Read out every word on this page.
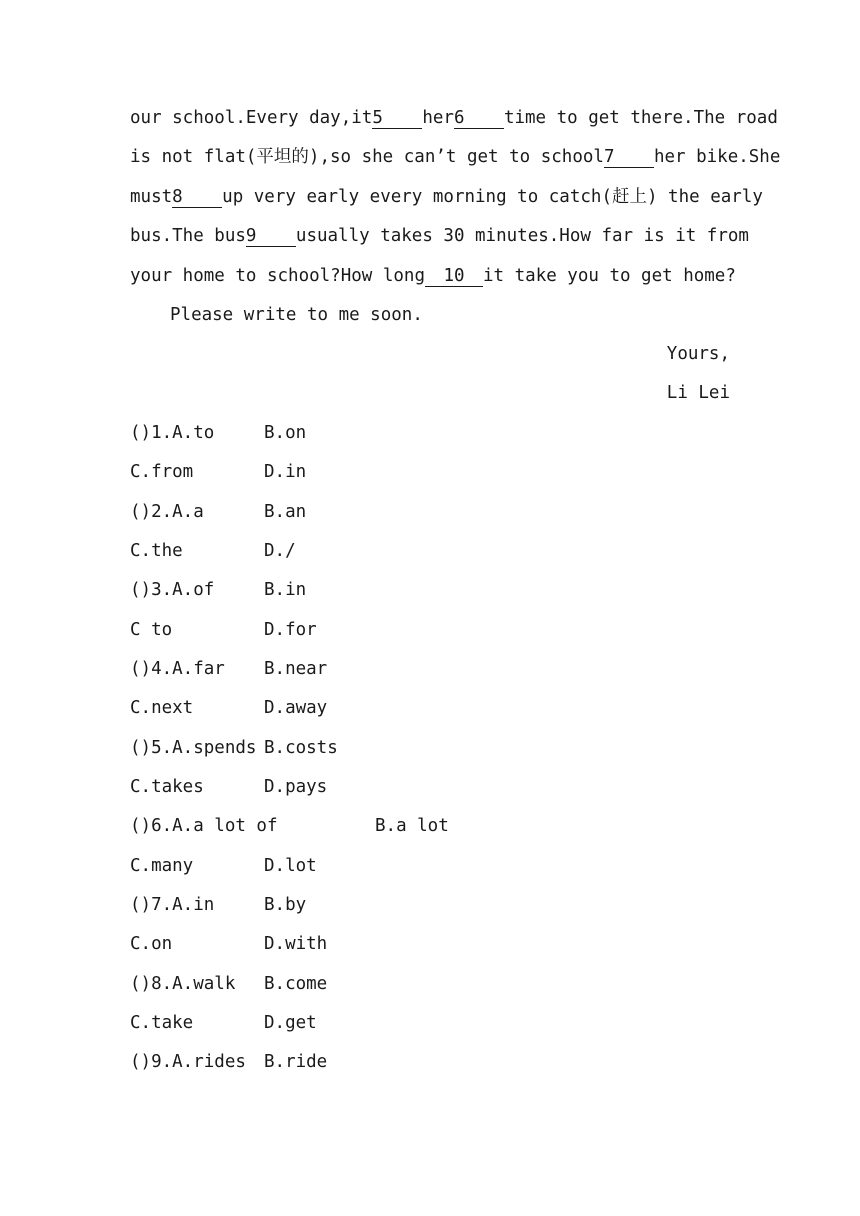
our school.Every day,it5 her6 time to get there.The road
is not flat(平坦的),so she can’t get to school7 her bike.She
must8 up very early every morning to catch(赶上) the early
bus.The bus9 usually takes 30 minutes.How far is it from
your home to school?How long 10 it take you to get home?
Please write to me soon.
Yours,
Li Lei
()1.A.to	B.on
C.from	D.in
()2.A.a	B.an
C.the	D./
()3.A.of	B.in
C to	D.for
()4.A.far B.near
C.next	D.away
()5.A.spends B.costs
C.takes	D.pays
()6.A.a lot of	B.a lot
C.many	D.lot
()7.A.in	B.by
C.on	D.with
()8.A.walk B.come
C.take	D.get
()9.A.rides B.ride
